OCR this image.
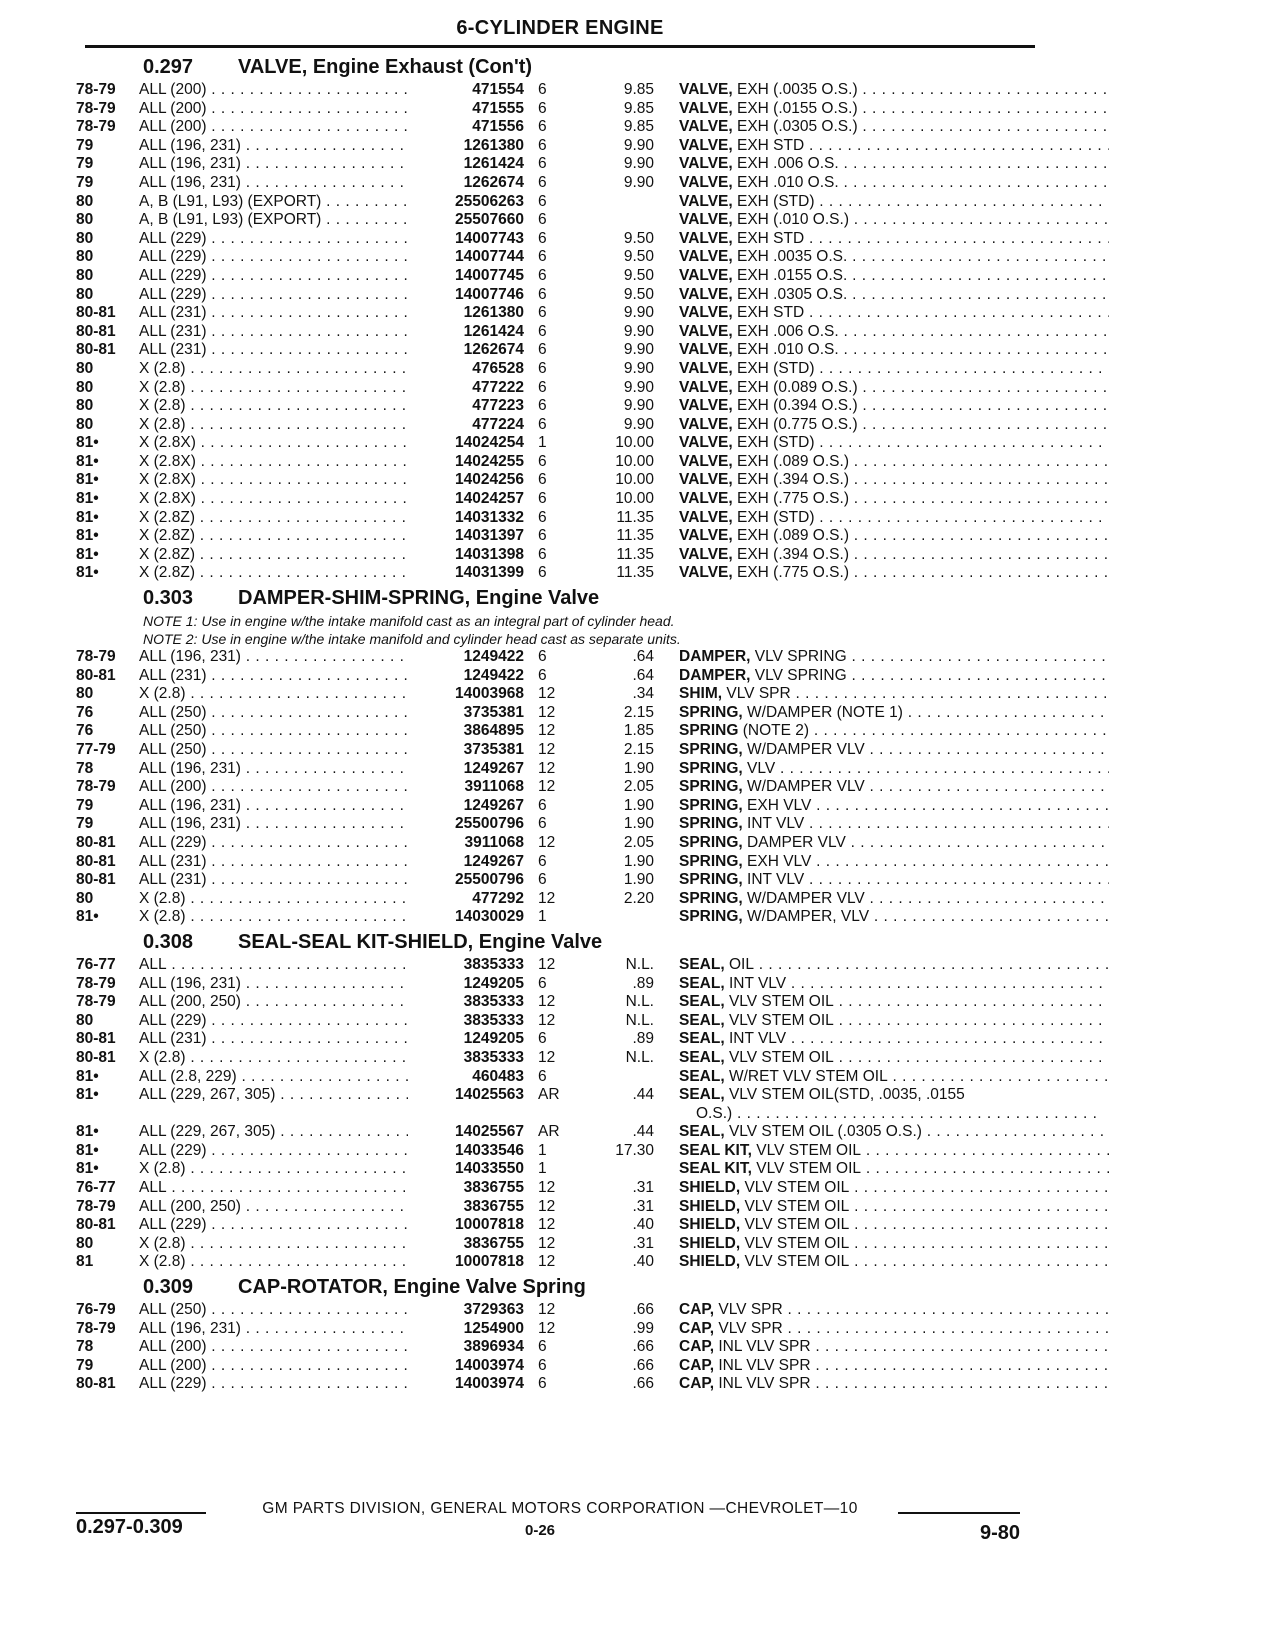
6-CYLINDER ENGINE
0.297 VALVE, Engine Exhaust (Con't)
78-79	ALL (200) . . .	471554 6	9.85 VALVE, EXH (.0035 O.S.) . . .
78-79	ALL (200) . . .	471555 6	9.85 VALVE, EXH (.0155 O.S.) . . .
78-79	ALL (200) . . .	471556 6	9.85 VALVE, EXH (.0305 O.S.) . . .
79	ALL (196, 231) . . .	1261380 6	9.90 VALVE, EXH STD . . .
79	ALL (196, 231) . . .	1261424 6	9.90 VALVE, EXH .006 O.S. . . .
79	ALL (196, 231) . . .	1262674 6	9.90 VALVE, EXH .010 O.S. . . .
80	A, B (L91, L93) (EXPORT) . . .	25506263 6	VALVE, EXH (STD) . . .
80	A, B (L91, L93) (EXPORT) . . .	25507660 6	VALVE, EXH (.010 O.S.) . . .
80	ALL (229) . . .	14007743 6	9.50 VALVE, EXH STD . . .
80	ALL (229) . . .	14007744 6	9.50 VALVE, EXH .0035 O.S. . . .
80	ALL (229) . . .	14007745 6	9.50 VALVE, EXH .0155 O.S. . . .
80	ALL (229) . . .	14007746 6	9.50 VALVE, EXH .0305 O.S. . . .
80-81	ALL (231) . . .	1261380 6	9.90 VALVE, EXH STD . . .
80-81	ALL (231) . . .	1261424 6	9.90 VALVE, EXH .006 O.S. . . .
80-81	ALL (231) . . .	1262674 6	9.90 VALVE, EXH .010 O.S. . . .
80	X (2.8) . . .	476528 6	9.90 VALVE, EXH (STD) . . .
80	X (2.8) . . .	477222 6	9.90 VALVE, EXH (0.089 O.S.) . . .
80	X (2.8) . . .	477223 6	9.90 VALVE, EXH (0.394 O.S.) . . .
80	X (2.8) . . .	477224 6	9.90 VALVE, EXH (0.775 O.S.) . . .
81•	X (2.8X) . . .	14024254 1	10.00 VALVE, EXH (STD) . . .
81•	X (2.8X) . . .	14024255 6	10.00 VALVE, EXH (.089 O.S.) . . .
81•	X (2.8X) . . .	14024256 6	10.00 VALVE, EXH (.394 O.S.) . . .
81•	X (2.8X) . . .	14024257 6	10.00 VALVE, EXH (.775 O.S.) . . .
81•	X (2.8Z) . . .	14031332 6	11.35 VALVE, EXH (STD) . . .
81•	X (2.8Z) . . .	14031397 6	11.35 VALVE, EXH (.089 O.S.) . . .
81•	X (2.8Z) . . .	14031398 6	11.35 VALVE, EXH (.394 O.S.) . . .
81•	X (2.8Z) . . .	14031399 6	11.35 VALVE, EXH (.775 O.S.) . . .
0.303 DAMPER-SHIM-SPRING, Engine Valve
NOTE 1: Use in engine w/the intake manifold cast as an integral part of cylinder head.
NOTE 2: Use in engine w/the intake manifold and cylinder head cast as separate units.
78-79	ALL (196, 231) . . .	1249422 6	.64 DAMPER, VLV SPRING . . .
80-81	ALL (231) . . .	1249422 6	.64 DAMPER, VLV SPRING . . .
80	X (2.8) . . .	14003968 12	.34 SHIM, VLV SPR . . .
76	ALL (250) . . .	3735381 12	2.15 SPRING, W/DAMPER (NOTE 1) . . .
76	ALL (250) . . .	3864895 12	1.85 SPRING (NOTE 2) . . .
77-79	ALL (250) . . .	3735381 12	2.15 SPRING, W/DAMPER VLV . . .
78	ALL (196, 231) . . .	1249267 12	1.90 SPRING, VLV . . .
78-79	ALL (200) . . .	3911068 12	2.05 SPRING, W/DAMPER VLV . . .
79	ALL (196, 231) . . .	1249267 6	1.90 SPRING, EXH VLV . . .
79	ALL (196, 231) . . .	25500796 6	1.90 SPRING, INT VLV . . .
80-81	ALL (229) . . .	3911068 12	2.05 SPRING, DAMPER VLV . . .
80-81	ALL (231) . . .	1249267 6	1.90 SPRING, EXH VLV . . .
80-81	ALL (231) . . .	25500796 6	1.90 SPRING, INT VLV . . .
80	X (2.8) . . .	477292 12	2.20 SPRING, W/DAMPER VLV . . .
81•	X (2.8) . . .	14030029 1	SPRING, W/DAMPER, VLV . . .
0.308 SEAL-SEAL KIT-SHIELD, Engine Valve
76-77	ALL . . .	3835333 12	N.L. SEAL, OIL . . .
78-79	ALL (196, 231) . . .	1249205 6	.89 SEAL, INT VLV . . .
78-79	ALL (200, 250) . . .	3835333 12	N.L. SEAL, VLV STEM OIL . . .
80	ALL (229) . . .	3835333 12	N.L. SEAL, VLV STEM OIL . . .
80-81	ALL (231) . . .	1249205 6	.89 SEAL, INT VLV . . .
80-81	X (2.8) . . .	3835333 12	N.L. SEAL, VLV STEM OIL . . .
81•	ALL (2.8, 229) . . .	460483 6	SEAL, W/RET VLV STEM OIL . . .
81•	ALL (229, 267, 305) . . .	14025563 AR	.44 SEAL, VLV STEM OIL(STD, .0035, .0155
O.S.) . . .
81•	ALL (229, 267, 305) . . .	14025567 AR	.44 SEAL, VLV STEM OIL (.0305 O.S.) . . .
81•	ALL (229) . . .	14033546 1	17.30 SEAL KIT, VLV STEM OIL . . .
81•	X (2.8) . . .	14033550 1	SEAL KIT, VLV STEM OIL . . .
76-77	ALL . . .	3836755 12	.31 SHIELD, VLV STEM OIL . . .
78-79	ALL (200, 250) . . .	3836755 12	.31 SHIELD, VLV STEM OIL . . .
80-81	ALL (229) . . .	10007818 12	.40 SHIELD, VLV STEM OIL . . .
80	X (2.8) . . .	3836755 12	.31 SHIELD, VLV STEM OIL . . .
81	X (2.8) . . .	10007818 12	.40 SHIELD, VLV STEM OIL . . .
0.309 CAP-ROTATOR, Engine Valve Spring
76-79	ALL (250) . . .	3729363 12	.66 CAP, VLV SPR . . .
78-79	ALL (196, 231) . . .	1254900 12	.99 CAP, VLV SPR . . .
78	ALL (200) . . .	3896934 6	.66 CAP, INL VLV SPR . . .
79	ALL (200) . . .	14003974 6	.66 CAP, INL VLV SPR . . .
80-81	ALL (229) . . .	14003974 6	.66 CAP, INL VLV SPR . . .
GM PARTS DIVISION, GENERAL MOTORS CORPORATION —CHEVROLET—10
0-26
0.297-0.309	9-80
